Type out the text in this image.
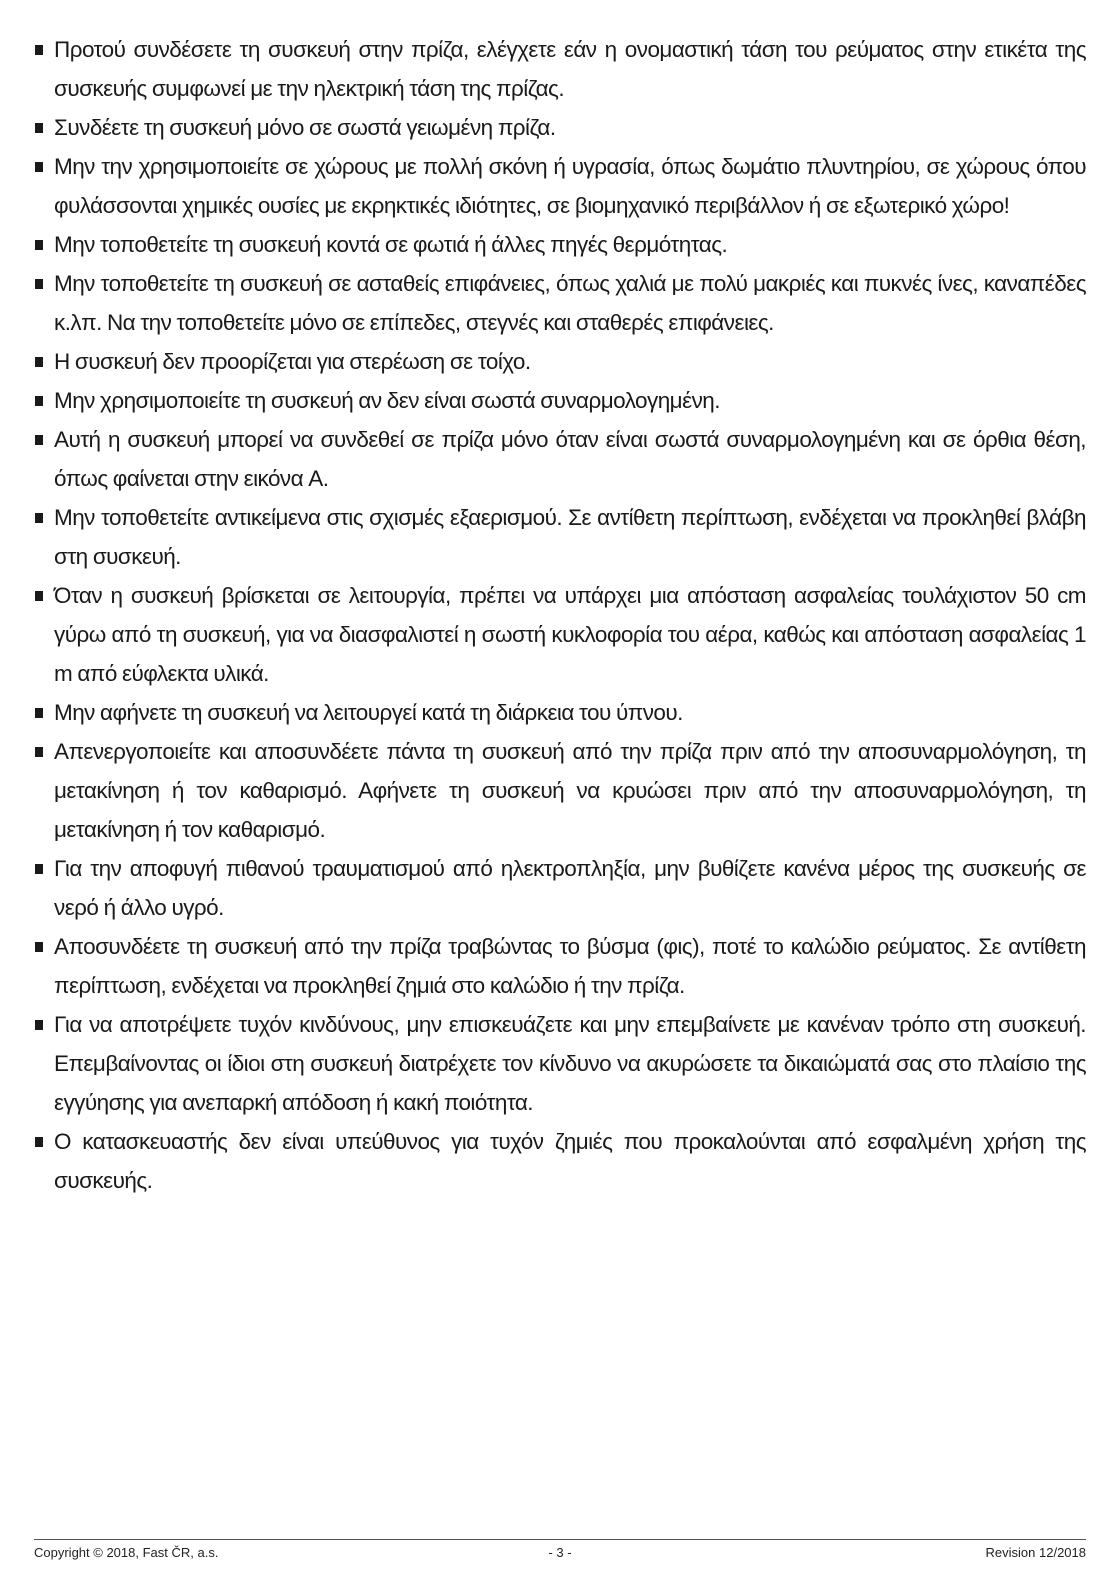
Προτού συνδέσετε τη συσκευή στην πρίζα, ελέγχετε εάν η ονομαστική τάση του ρεύματος στην ετικέτα της συσκευής συμφωνεί με την ηλεκτρική τάση της πρίζας.
Συνδέετε τη συσκευή μόνο σε σωστά γειωμένη πρίζα.
Μην την χρησιμοποιείτε σε χώρους με πολλή σκόνη ή υγρασία, όπως δωμάτιο πλυντηρίου, σε χώρους όπου φυλάσσονται χημικές ουσίες με εκρηκτικές ιδιότητες, σε βιομηχανικό περιβάλλον ή σε εξωτερικό χώρο!
Μην τοποθετείτε τη συσκευή κοντά σε φωτιά ή άλλες πηγές θερμότητας.
Μην τοποθετείτε τη συσκευή σε ασταθείς επιφάνειες, όπως χαλιά με πολύ μακριές και πυκνές ίνες, καναπέδες κ.λπ. Να την τοποθετείτε μόνο σε επίπεδες, στεγνές και σταθερές επιφάνειες.
Η συσκευή δεν προορίζεται για στερέωση σε τοίχο.
Μην χρησιμοποιείτε τη συσκευή αν δεν είναι σωστά συναρμολογημένη.
Αυτή η συσκευή μπορεί να συνδεθεί σε πρίζα μόνο όταν είναι σωστά συναρμολογημένη και σε όρθια θέση, όπως φαίνεται στην εικόνα A.
Μην τοποθετείτε αντικείμενα στις σχισμές εξαερισμού. Σε αντίθετη περίπτωση, ενδέχεται να προκληθεί βλάβη στη συσκευή.
Όταν η συσκευή βρίσκεται σε λειτουργία, πρέπει να υπάρχει μια απόσταση ασφαλείας τουλάχιστον 50 cm γύρω από τη συσκευή, για να διασφαλιστεί η σωστή κυκλοφορία του αέρα, καθώς και απόσταση ασφαλείας 1 m από εύφλεκτα υλικά.
Μην αφήνετε τη συσκευή να λειτουργεί κατά τη διάρκεια του ύπνου.
Απενεργοποιείτε και αποσυνδέετε πάντα τη συσκευή από την πρίζα πριν από την αποσυναρμολόγηση, τη μετακίνηση ή τον καθαρισμό. Αφήνετε τη συσκευή να κρυώσει πριν από την αποσυναρμολόγηση, τη μετακίνηση ή τον καθαρισμό.
Για την αποφυγή πιθανού τραυματισμού από ηλεκτροπληξία, μην βυθίζετε κανένα μέρος της συσκευής σε νερό ή άλλο υγρό.
Αποσυνδέετε τη συσκευή από την πρίζα τραβώντας το βύσμα (φις), ποτέ το καλώδιο ρεύματος. Σε αντίθετη περίπτωση, ενδέχεται να προκληθεί ζημιά στο καλώδιο ή την πρίζα.
Για να αποτρέψετε τυχόν κινδύνους, μην επισκευάζετε και μην επεμβαίνετε με κανέναν τρόπο στη συσκευή. Επεμβαίνοντας οι ίδιοι στη συσκευή διατρέχετε τον κίνδυνο να ακυρώσετε τα δικαιώματά σας στο πλαίσιο της εγγύησης για ανεπαρκή απόδοση ή κακή ποιότητα.
Ο κατασκευαστής δεν είναι υπεύθυνος για τυχόν ζημιές που προκαλούνται από εσφαλμένη χρήση της συσκευής.
Copyright © 2018, Fast ČR, a.s.	- 3 -	Revision 12/2018
